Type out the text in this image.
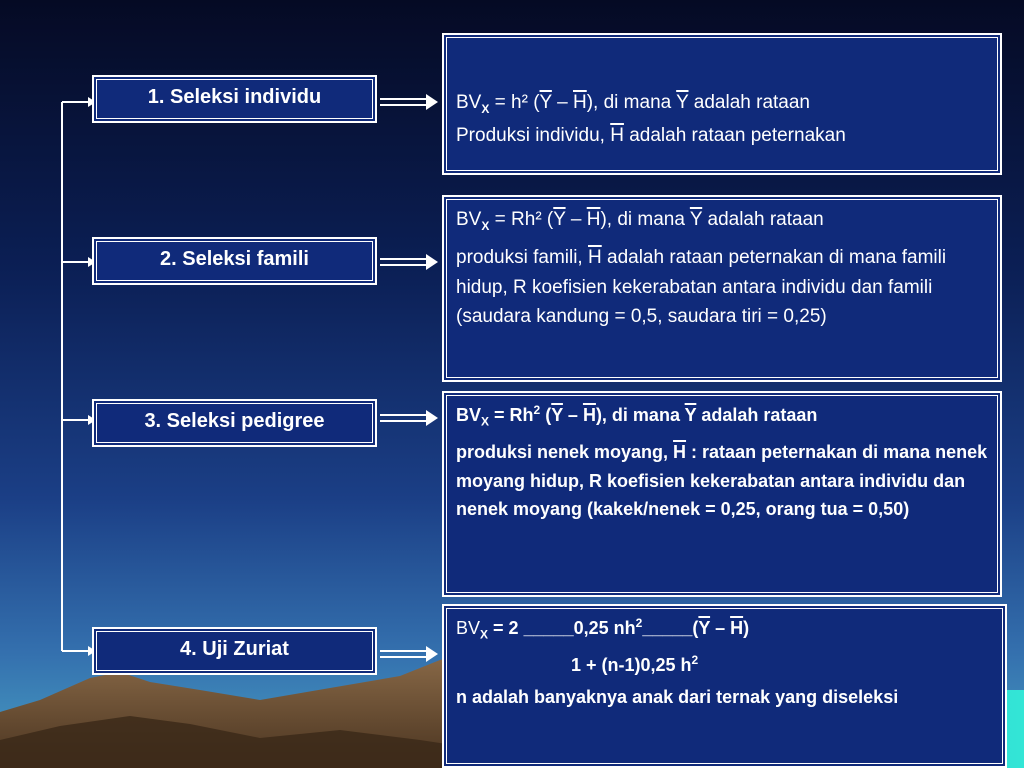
1. Seleksi individu
2. Seleksi famili
3. Seleksi pedigree
4. Uji Zuriat

$BV_X = h^2$ $(\overline{Y} - \overline{H})$, di mana $\overline{Y}$ adalah rataan

Produksi individu, $\overline{H}$ adalah rataan peternakan

$BV_X = Rh^2$ $(\overline{Y} - \overline{H})$, di mana $\overline{Y}$ adalah rataan

produksi famili, $\overline{H}$ adalah rataan peternakan di mana famili hidup, R koefisien kekerabatan antara individu dan famili (saudara kandung = 0,5, saudara tiri = 0,25)

$BV_X = Rh^2$ $(\overline{Y} - \overline{H})$, di mana $\overline{Y}$ adalah rataan

produksi nenek moyang, $\overline{H}$ : rataan peternakan di mana nenek moyang hidup, R koefisien kekerabatan antara individu dan nenek moyang (kakek/nenek = 0,25, orang tua = 0,50)

$BV_X = 2$ _____0,25 $nh^2\_\_\_\_\_(\overline{Y} - \overline{H})$

1 + (n-1)0,25 $h^2$

n adalah banyaknya anak dari ternak yang diseleksi
